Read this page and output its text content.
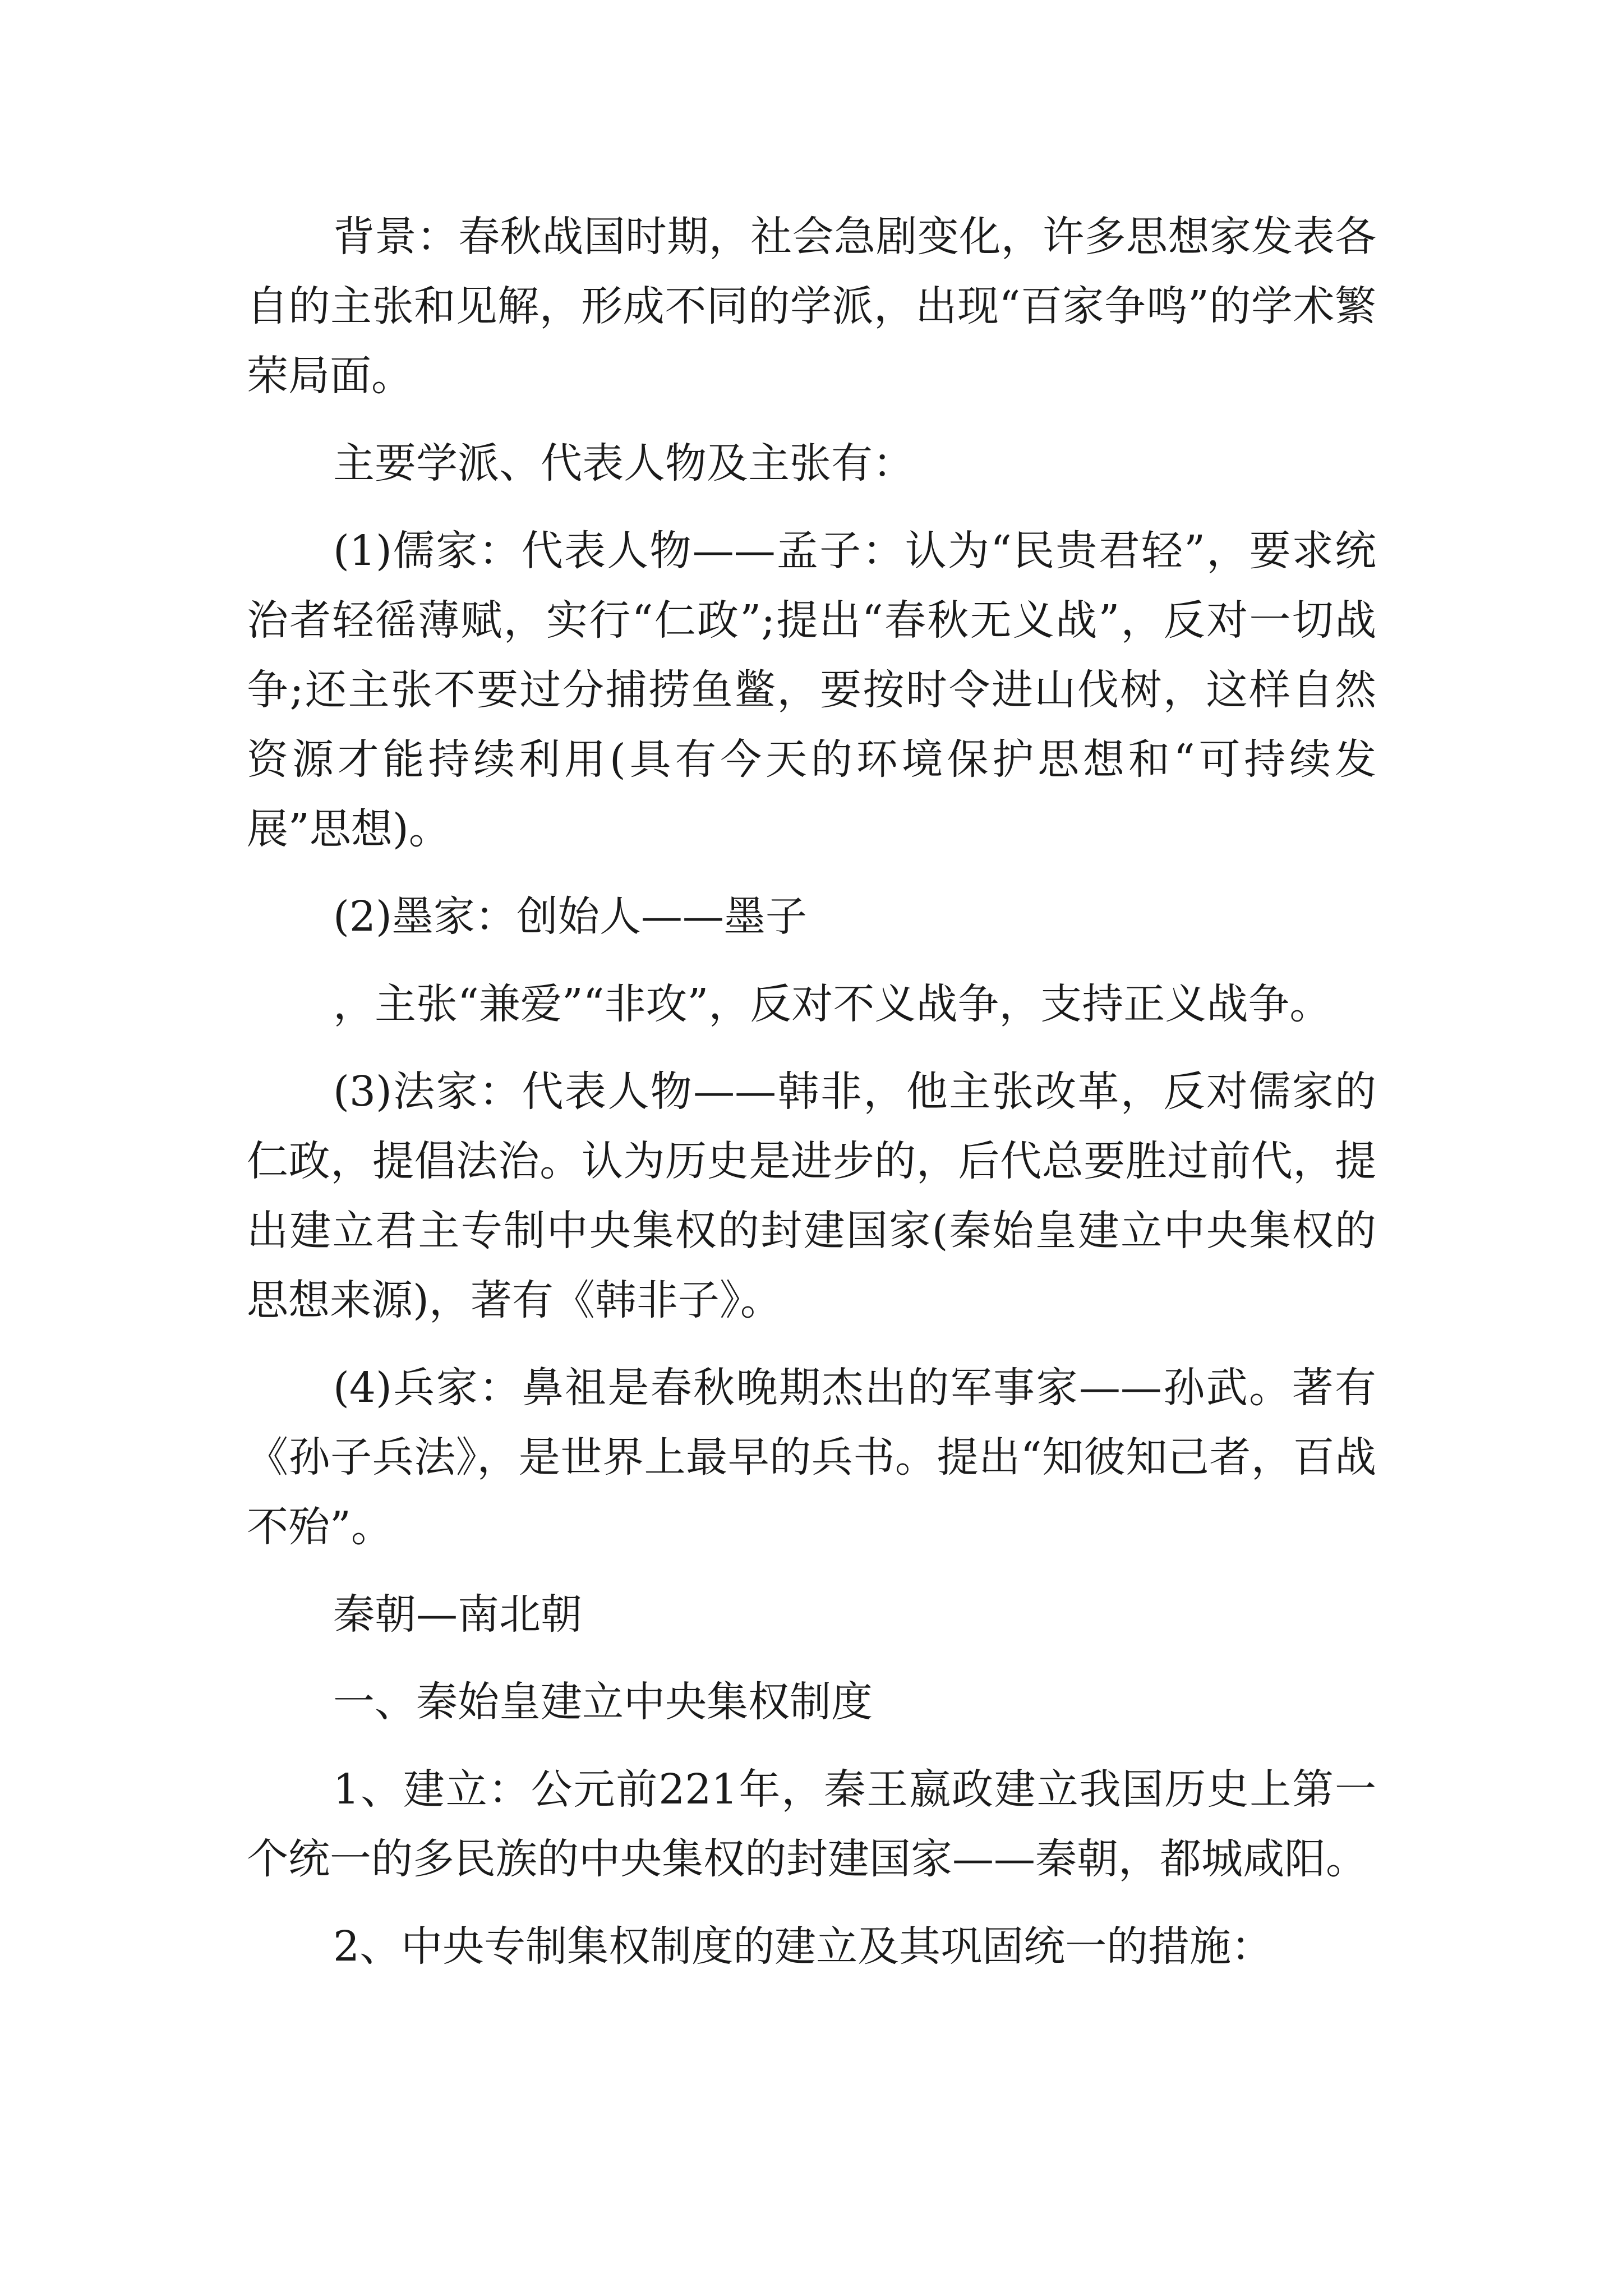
背景：春秋战国时期，社会急剧变化，许多思想家发表各自的主张和见解，形成不同的学派，出现“百家争鸣”的学术繁荣局面。

主要学派、代表人物及主张有：

(1)儒家：代表人物——孟子：认为“民贵君轻”，要求统治者轻徭薄赋，实行“仁政”;提出“春秋无义战”，反对一切战争;还主张不要过分捕捞鱼鳖，要按时令进山伐树，这样自然资源才能持续利用(具有今天的环境保护思想和“可持续发展”思想)。

(2)墨家：创始人——墨子

，主张“兼爱”“非攻”，反对不义战争，支持正义战争。

(3)法家：代表人物——韩非，他主张改革，反对儒家的仁政，提倡法治。认为历史是进步的，后代总要胜过前代，提出建立君主专制中央集权的封建国家(秦始皇建立中央集权的思想来源)，著有《韩非子》。

(4)兵家：鼻祖是春秋晚期杰出的军事家——孙武。著有《孙子兵法》，是世界上最早的兵书。提出“知彼知己者，百战不殆”。

秦朝—南北朝

一、秦始皇建立中央集权制度

1、建立：公元前221年，秦王嬴政建立我国历史上第一个统一的多民族的中央集权的封建国家——秦朝，都城咸阳。

2、中央专制集权制度的建立及其巩固统一的措施：
